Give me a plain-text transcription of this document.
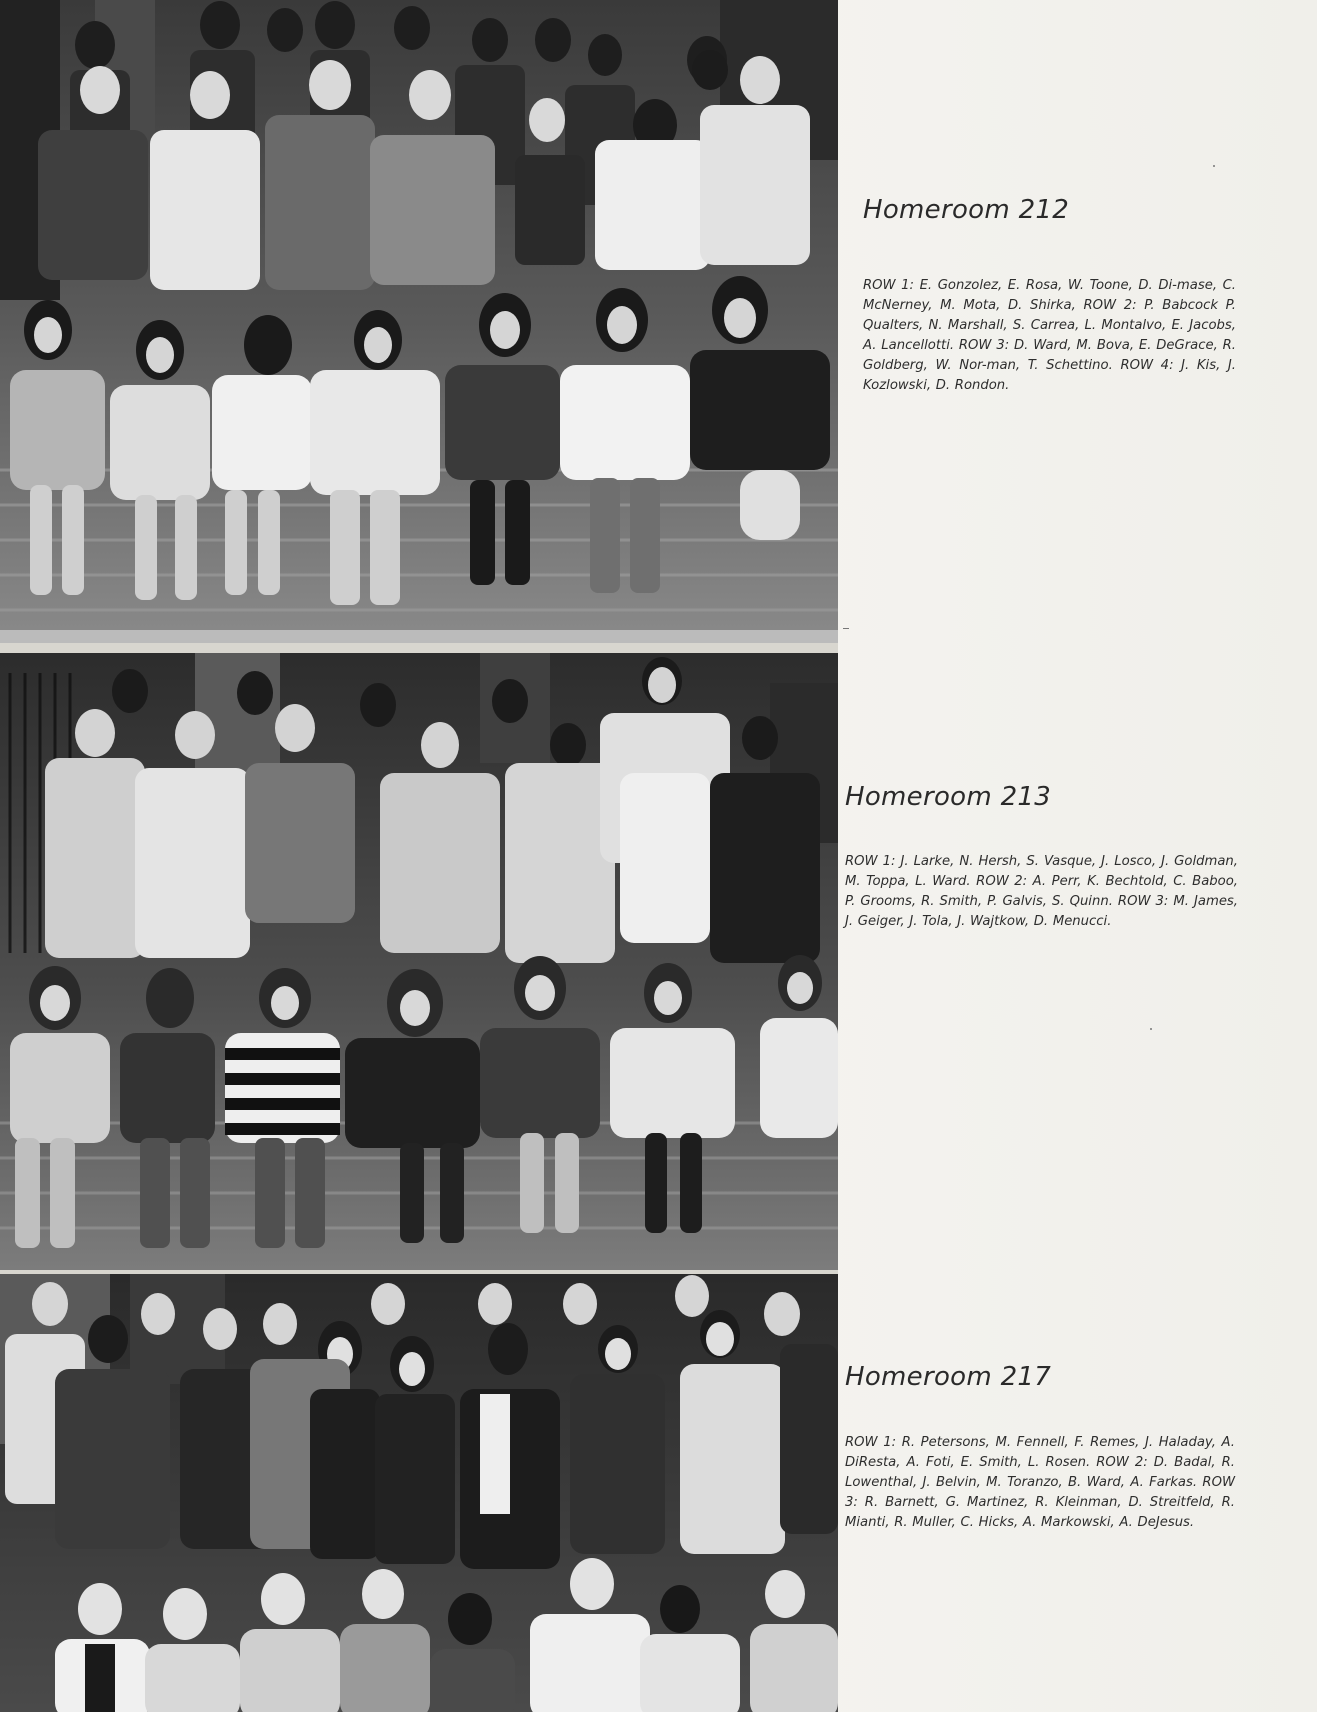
Homeroom 212
ROW 1: E. Gonzolez, E. Rosa, W. Toone, D. Di-mase, C. McNerney, M. Mota, D. Shirka, ROW 2: P. Babcock P. Qualters, N. Marshall, S. Carrea, L. Montalvo, E. Jacobs, A. Lancellotti. ROW 3: D. Ward, M. Bova, E. DeGrace, R. Goldberg, W. Nor-man, T. Schettino. ROW 4: J. Kis, J. Kozlowski, D. Rondon.
Homeroom 213
ROW 1: J. Larke, N. Hersh, S. Vasque, J. Losco, J. Goldman, M. Toppa, L. Ward. ROW 2: A. Perr, K. Bechtold, C. Baboo, P. Grooms, R. Smith, P. Galvis, S. Quinn. ROW 3: M. James, J. Geiger, J. Tola, J. Wajtkow, D. Menucci.
Homeroom 217
ROW 1: R. Petersons, M. Fennell, F. Remes, J. Haladay, A. DiResta, A. Foti, E. Smith, L. Rosen. ROW 2: D. Badal, R. Lowenthal, J. Belvin, M. Toranzo, B. Ward, A. Farkas. ROW 3: R. Barnett, G. Martinez, R. Kleinman, D. Streitfeld, R. Mianti, R. Muller, C. Hicks, A. Markowski, A. DeJesus.
